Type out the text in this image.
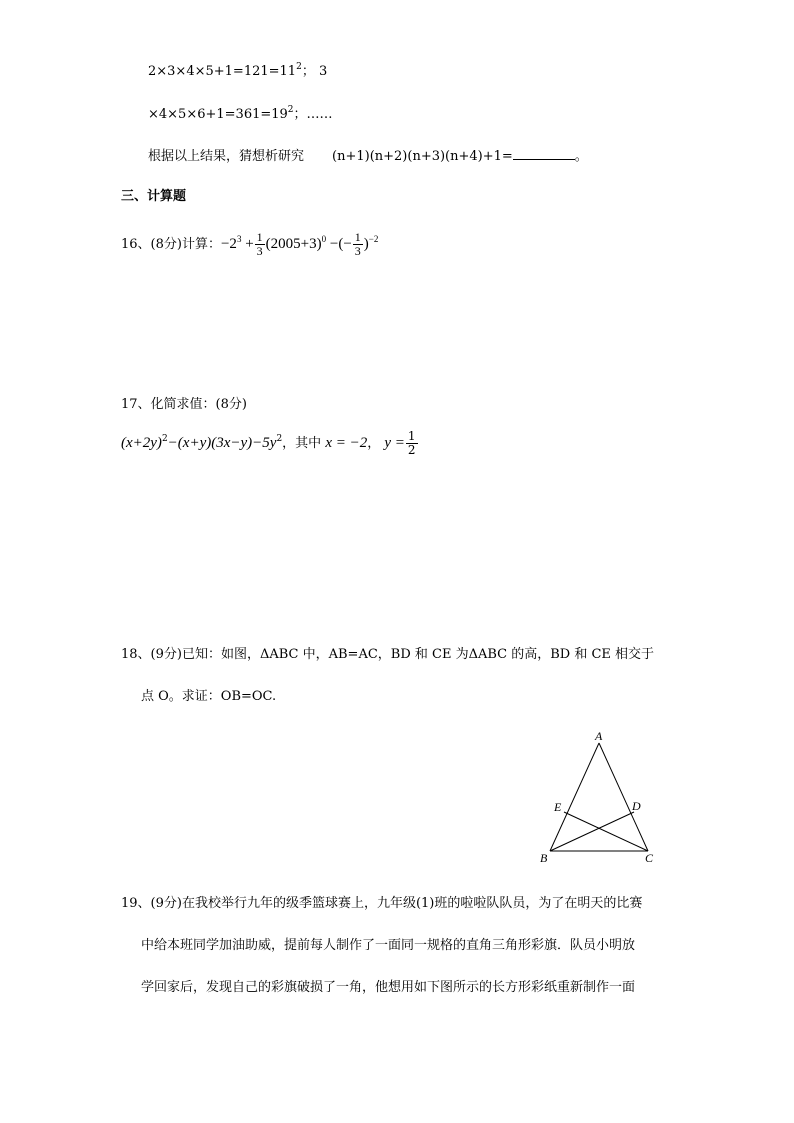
$2\times 3\times 4\times 5+1=121=11^2$； 3
$\times 4\times 5\times 6+1=361=19^2$；……
根据以上结果，猜想析研究 (n+1)(n+2)(n+3)(n+4)+1=	。
三、计算题
16、(8分)计算：$-2^3 + \frac{1}{3} (2005+3)^0$ −(− $\frac{1}{3} )^{-2}$
17、化简求值：(8分)
$(x+2y)^2-(x+y)(3x-y)-5y^2$，其中 x = −2， $y = \frac{1}{2}$
18、(9分)已知：如图，ΔABC 中，AB=AC，BD 和 CE 为ΔABC 的高，BD 和 CE 相交于
点 O。求证：OB=OC.
A
B	C
D
E
19、(9分)在我校举行九年的级季篮球赛上，九年级(1)班的啦啦队队员，为了在明天的比赛
中给本班同学加油助威，提前每人制作了一面同一规格的直角三角形彩旗．队员小明放
学回家后，发现自己的彩旗破损了一角，他想用如下图所示的长方形彩纸重新制作一面
